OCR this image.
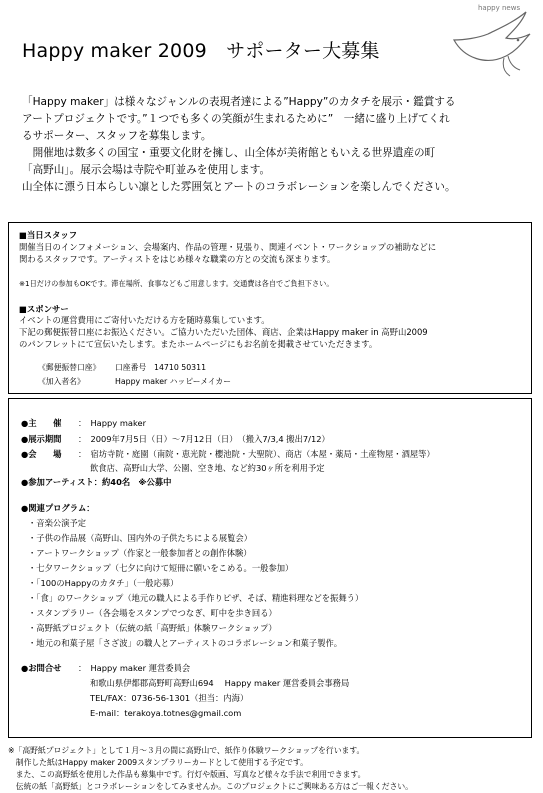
Happy maker 2009　サポーター大募集
happy news
「Happy maker」は様々なジャンルの表現者達による”Happy”のカタチを展示・鑑賞する
アートプロジェクトです。”１つでも多くの笑顔が生まれるために”　一緒に盛り上げてくれ
るサポーター、スタッフを募集します。
　開催地は数多くの国宝・重要文化財を擁し、山全体が美術館ともいえる世界遺産の町
「高野山」。展示会場は寺院や町並みを使用します。
山全体に漂う日本らしい凛とした雰囲気とアートのコラボレーションを楽しんでください。
■当日スタッフ
開催当日のインフォメーション、会場案内、作品の管理・見張り、関連イベント・ワークショップの補助などに
関わるスタッフです。アーティストをはじめ様々な職業の方との交流も深まります。
※1日だけの参加もOKです。滞在場所、食事などもご用意します。交通費は各自でご負担下さい。
■スポンサー
イベントの運営費用にご寄付いただける方を随時募集しています。
下記の郵便振替口座にお振込ください。ご協力いただいた団体、商店、企業はHappy maker in 高野山2009
のパンフレットにて宣伝いたします。またホームページにもお名前を掲載させていただきます。
《郵便振替口座》 口座番号　14710 50311
《加入者名》	Happy maker ハッピーメイカー
●主　　催 ：　Happy maker
●展示期間 ：　2009年7月5日（日）〜7月12日（日）　（搬入7/3,4 搬出7/12）
●会　　場 ：　宿坊寺院・庭園（南院・恵光院・櫻池院・大聖院）、商店（本屋・薬局・土産物屋・酒屋等）
飲食店、高野山大学、公園、空き地、など約30ヶ所を利用予定
●参加アーティスト：約40名　※公募中
●関連プログラム：
・音楽公演予定
・子供の作品展（高野山、国内外の子供たちによる展覧会）
・アートワークショップ（作家と一般参加者との創作体験）
・七夕ワークショップ（七夕に向けて短冊に願いをこめる。一般参加）
・「100のHappyのカタチ」（一般応募）
・「食」のワークショップ（地元の職人による手作りピザ、そば、精進料理などを振舞う）
・スタンプラリー（各会場をスタンプでつなぎ、町中を歩き回る）
・高野紙プロジェクト（伝統の紙「高野紙」体験ワークショップ）
・地元の和菓子屋「さざ波」の職人とアーティストのコラボレーション和菓子製作。
●お問合せ ：　Happy maker 運営委員会
和歌山県伊都郡高野町高野山694　 Happy maker 運営委員会事務局
TEL/FAX：0736-56-1301（担当：内海）
E-mail：terakoya.totnes@gmail.com
※「高野紙プロジェクト」として１月〜３月の間に高野山で、紙作り体験ワークショップを行います。
　制作した紙はHappy maker 2009スタンプラリーカードとして使用する予定です。
　また、この高野紙を使用した作品も募集中です。行灯や版画、写真など様々な手法で利用できます。
　伝統の紙「高野紙」とコラボレーションをしてみませんか。このプロジェクトにご興味ある方はご一報ください。
